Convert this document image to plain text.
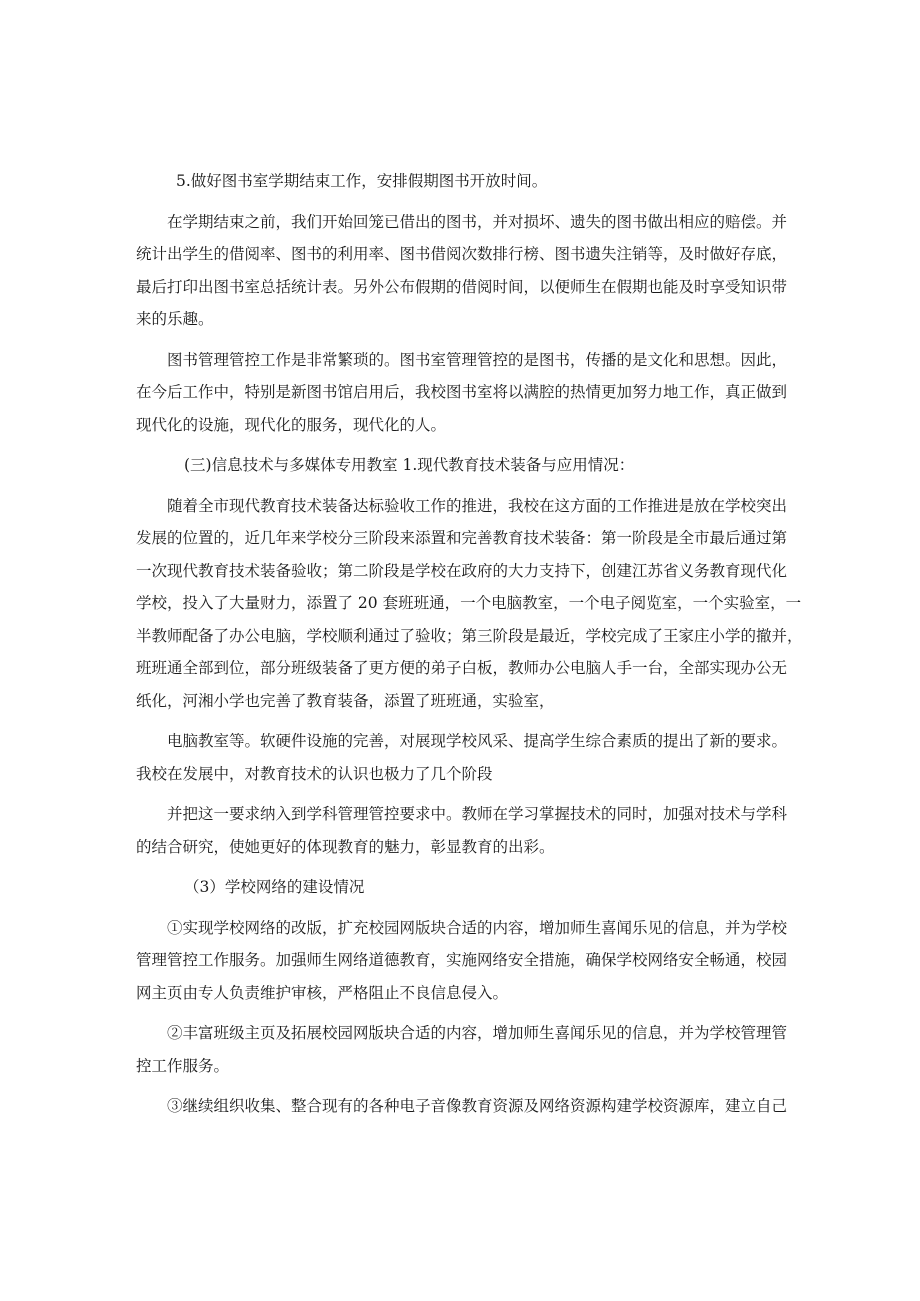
5.做好图书室学期结束工作，安排假期图书开放时间。

　　在学期结束之前，我们开始回笼已借出的图书，并对损坏、遗失的图书做出相应的赔偿。并
统计出学生的借阅率、图书的利用率、图书借阅次数排行榜、图书遗失注销等，及时做好存底，
最后打印出图书室总括统计表。另外公布假期的借阅时间，以便师生在假期也能及时享受知识带
来的乐趣。

　　图书管理管控工作是非常繁琐的。图书室管理管控的是图书，传播的是文化和思想。因此，
在今后工作中，特别是新图书馆启用后，我校图书室将以满腔的热情更加努力地工作，真正做到
现代化的设施，现代化的服务，现代化的人。

(三)信息技术与多媒体专用教室 1.现代教育技术装备与应用情况：

　　随着全市现代教育技术装备达标验收工作的推进，我校在这方面的工作推进是放在学校突出
发展的位置的，近几年来学校分三阶段来添置和完善教育技术装备：第一阶段是全市最后通过第
一次现代教育技术装备验收；第二阶段是学校在政府的大力支持下，创建江苏省义务教育现代化
学校，投入了大量财力，添置了 20 套班班通，一个电脑教室，一个电子阅览室，一个实验室，一
半教师配备了办公电脑，学校顺利通过了验收；第三阶段是最近，学校完成了王家庄小学的撤并，
班班通全部到位，部分班级装备了更方便的弟子白板，教师办公电脑人手一台，全部实现办公无
纸化，河湘小学也完善了教育装备，添置了班班通，实验室，

　　电脑教室等。软硬件设施的完善，对展现学校风采、提高学生综合素质的提出了新的要求。
我校在发展中，对教育技术的认识也极力了几个阶段

　　并把这一要求纳入到学科管理管控要求中。教师在学习掌握技术的同时，加强对技术与学科
的结合研究，使她更好的体现教育的魅力，彰显教育的出彩。

（3）学校网络的建设情况

　　①实现学校网络的改版，扩充校园网版块合适的内容，增加师生喜闻乐见的信息，并为学校
管理管控工作服务。加强师生网络道德教育，实施网络安全措施，确保学校网络安全畅通，校园
网主页由专人负责维护审核，严格阻止不良信息侵入。

　　②丰富班级主页及拓展校园网版块合适的内容，增加师生喜闻乐见的信息，并为学校管理管
控工作服务。

　　③继续组织收集、整合现有的各种电子音像教育资源及网络资源构建学校资源库，建立自己
